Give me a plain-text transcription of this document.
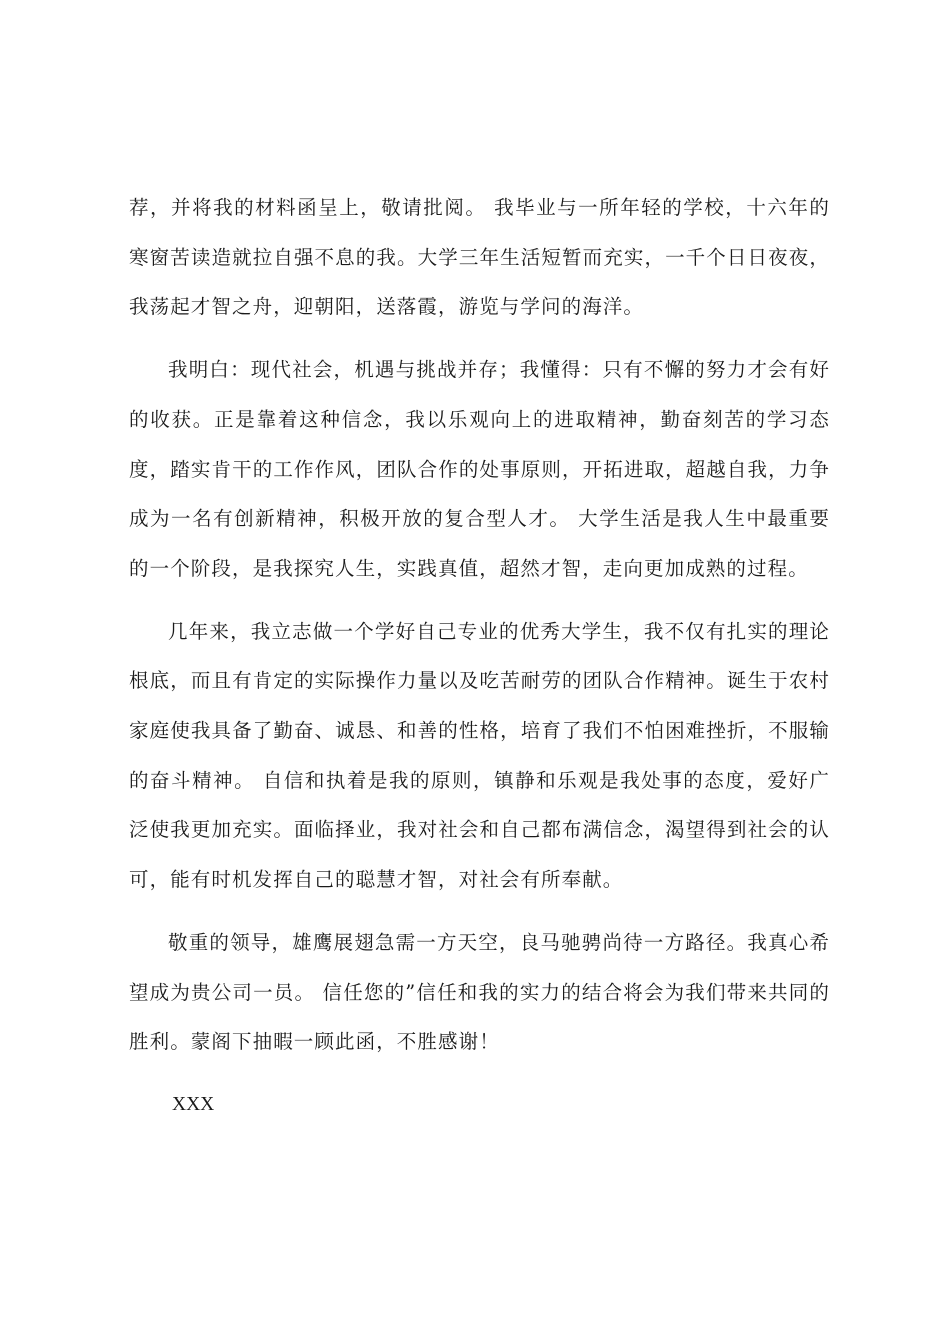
荐，并将我的材料函呈上，敬请批阅。 我毕业与一所年轻的学校，十六年的寒窗苦读造就拉自强不息的我。大学三年生活短暂而充实，一千个日日夜夜，我荡起才智之舟，迎朝阳，送落霞，游览与学问的海洋。

我明白：现代社会，机遇与挑战并存；我懂得：只有不懈的努力才会有好的收获。正是靠着这种信念，我以乐观向上的进取精神，勤奋刻苦的学习态度，踏实肯干的工作作风，团队合作的处事原则，开拓进取，超越自我，力争成为一名有创新精神，积极开放的复合型人才。 大学生活是我人生中最重要的一个阶段，是我探究人生，实践真值，超然才智，走向更加成熟的过程。

几年来，我立志做一个学好自己专业的优秀大学生，我不仅有扎实的理论根底，而且有肯定的实际操作力量以及吃苦耐劳的团队合作精神。诞生于农村家庭使我具备了勤奋、诚恳、和善的性格，培育了我们不怕困难挫折，不服输的奋斗精神。 自信和执着是我的原则，镇静和乐观是我处事的态度，爱好广泛使我更加充实。面临择业，我对社会和自己都布满信念，渴望得到社会的认可，能有时机发挥自己的聪慧才智，对社会有所奉献。

敬重的领导，雄鹰展翅急需一方天空，良马驰骋尚待一方路径。我真心希望成为贵公司一员。 信任您的”信任和我的实力的结合将会为我们带来共同的胜利。蒙阁下抽暇一顾此函，不胜感谢！

XXX
